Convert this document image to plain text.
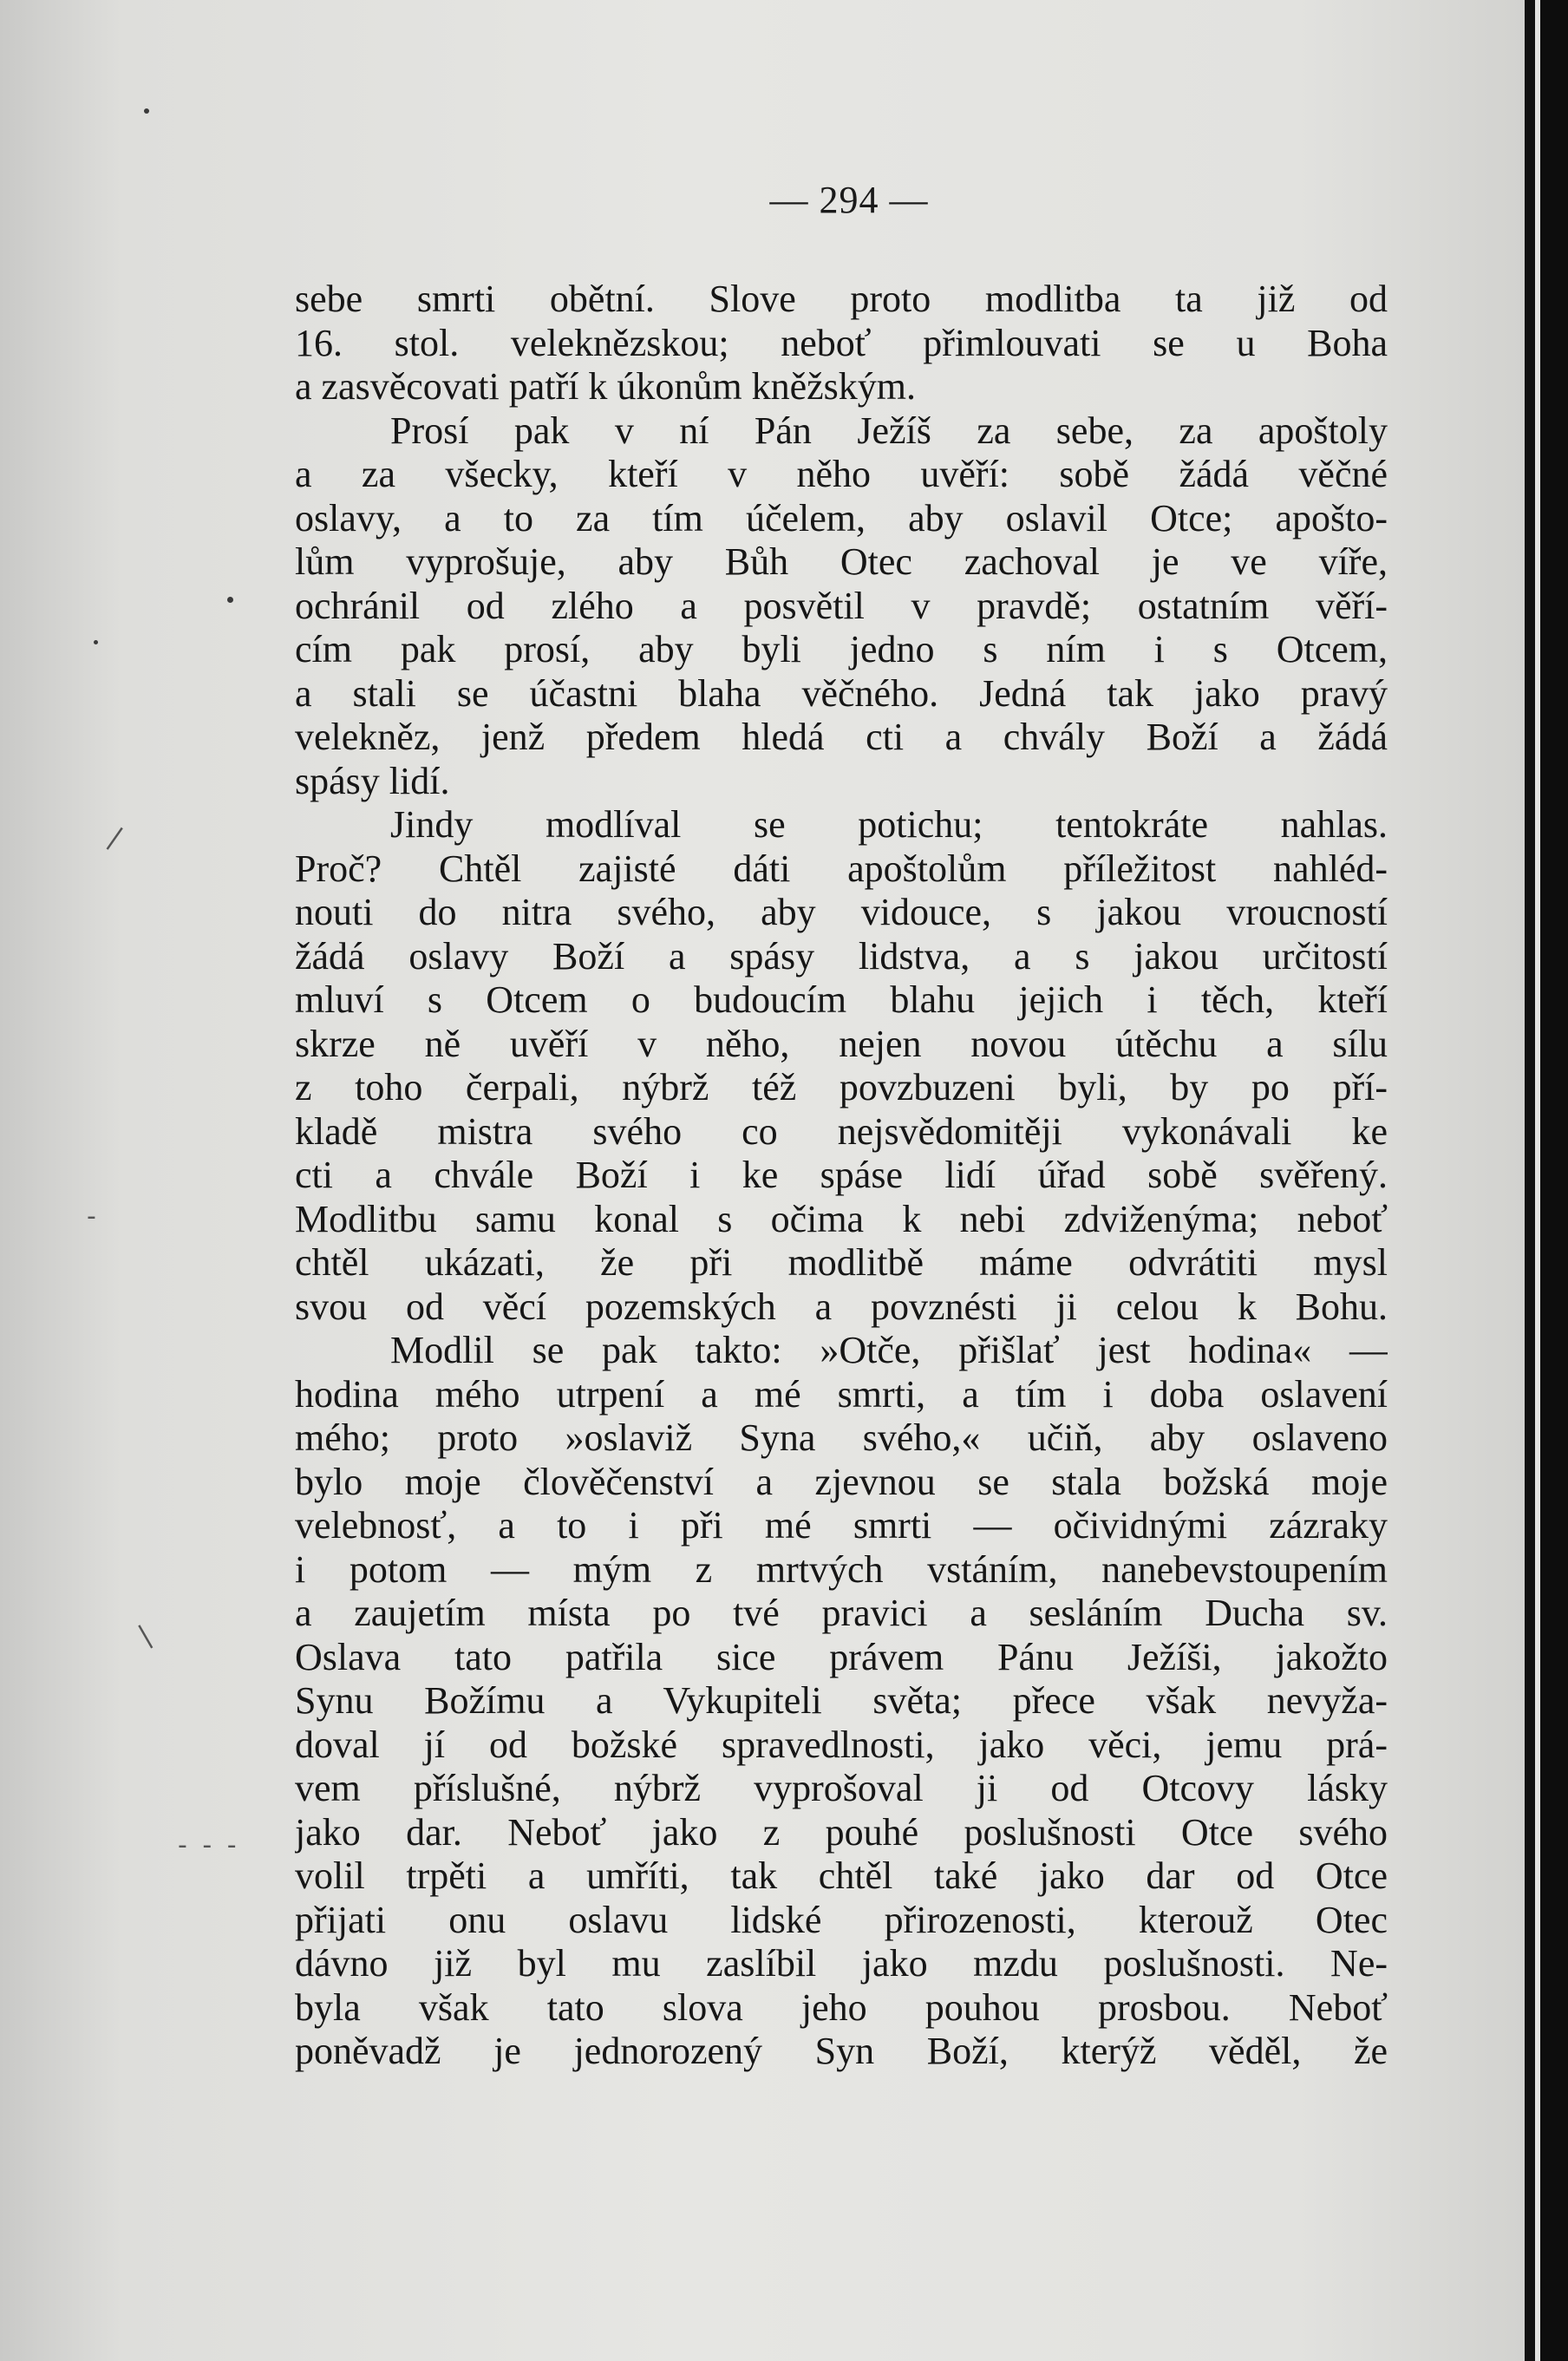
— 294 —
sebe smrti obětní. Slove proto modlitba ta již od
16. stol. veleknězskou; neboť přimlouvati se u Boha
a zasvěcovati patří k úkonům kněžským.
Prosí pak v ní Pán Ježíš za sebe, za apoštoly
a za všecky, kteří v něho uvěří: sobě žádá věčné
oslavy, a to za tím účelem, aby oslavil Otce; apošto-
lům vyprošuje, aby Bůh Otec zachoval je ve víře,
ochránil od zlého a posvětil v pravdě; ostatním věří-
cím pak prosí, aby byli jedno s ním i s Otcem,
a stali se účastni blaha věčného. Jedná tak jako pravý
velekněz, jenž předem hledá cti a chvály Boží a žádá
spásy lidí.
Jindy modlíval se potichu; tentokráte nahlas.
Proč? Chtěl zajisté dáti apoštolům příležitost nahléd-
nouti do nitra svého, aby vidouce, s jakou vroucností
žádá oslavy Boží a spásy lidstva, a s jakou určitostí
mluví s Otcem o budoucím blahu jejich i těch, kteří
skrze ně uvěří v něho, nejen novou útěchu a sílu
z toho čerpali, nýbrž též povzbuzeni byli, by po pří-
kladě mistra svého co nejsvědomitěji vykonávali ke
cti a chvále Boží i ke spáse lidí úřad sobě svěřený.
Modlitbu samu konal s očima k nebi zdviženýma; neboť
chtěl ukázati, že při modlitbě máme odvrátiti mysl
svou od věcí pozemských a povznésti ji celou k Bohu.
Modlil se pak takto: »Otče, přišlať jest hodina« —
hodina mého utrpení a mé smrti, a tím i doba oslavení
mého; proto »oslaviž Syna svého,« učiň, aby oslaveno
bylo moje člověčenství a zjevnou se stala božská moje
velebnosť, a to i při mé smrti — očividnými zázraky
i potom — mým z mrtvých vstáním, nanebevstoupením
a zaujetím místa po tvé pravici a sesláním Ducha sv.
Oslava tato patřila sice právem Pánu Ježíši, jakožto
Synu Božímu a Vykupiteli světa; přece však nevyža-
doval jí od božské spravedlnosti, jako věci, jemu prá-
vem příslušné, nýbrž vyprošoval ji od Otcovy lásky
jako dar. Neboť jako z pouhé poslušnosti Otce svého
volil trpěti a umříti, tak chtěl také jako dar od Otce
přijati onu oslavu lidské přirozenosti, kterouž Otec
dávno již byl mu zaslíbil jako mzdu poslušnosti. Ne-
byla však tato slova jeho pouhou prosbou. Neboť
poněvadž je jednorozený Syn Boží, kterýž věděl, že
|
-
|
- - -
